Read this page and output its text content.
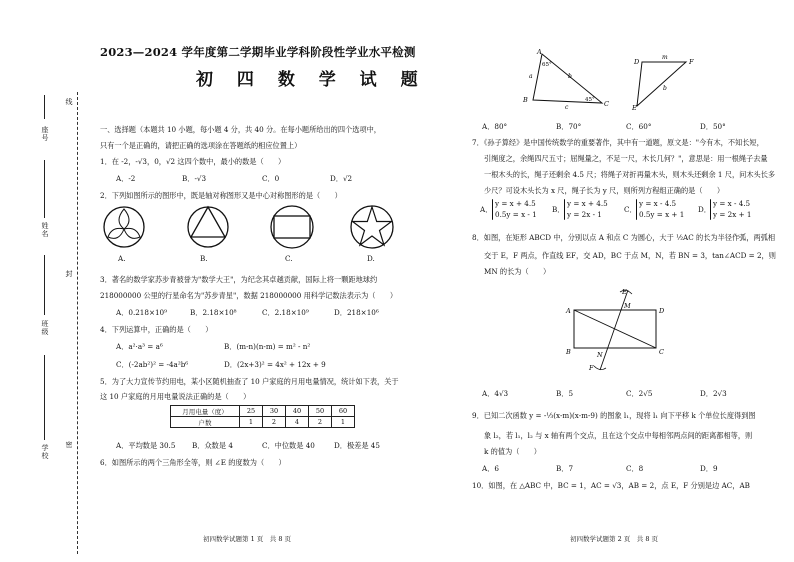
座号
姓名
班级
学校
线
封
密
2023—2024 学年度第二学期毕业学科阶段性学业水平检测
初 四 数 学 试 题
一、选择题（本题共 10 小题，每小题 4 分，共 40 分。在每小题所给出的四个选项中，
只有一个是正确的，请把正确的选项涂在答题纸的相应位置上）
1．在 -2，-√3，0，√2 这四个数中，最小的数是（　　）
A．-2	B．-√3	C．0	D．√2
2．下列如图所示的图形中，既是轴对称图形又是中心对称图形的是（　　）
A.	B.	C.	D.
3．著名的数学家苏步青被誉为"数学大王"，为纪念其卓越贡献，国际上将一颗距地球约
218000000 公里的行星命名为"苏步青星"，数据 218000000 用科学记数法表示为（　　）
A．0.218×10⁹	B．2.18×10⁸	C．2.18×10⁹	D．218×10⁶
4．下列运算中，正确的是（　　）
A．a²·a³ = a⁶	B．(m-n)(n-m) = m² - n²
C．(-2ab²)² = -4a²b⁶	D．(2x+3)² = 4x² + 12x + 9
5．为了大力宣传节约用电，某小区随机抽查了 10 户家庭的月用电量情况，统计如下表，关于
这 10 户家庭的月用电量说法正确的是（　　）
月用电量（度）	25	30	40	50	60
户数	1	2	4	2	1
A．平均数是 30.5 B．众数是 4	C．中位数是 40	D．极差是 45
6．如图所示的两个三角形全等，则 ∠E 的度数为（　　）
初四数学试题第 1 页　共 8 页
A
B	C
65°
45°
a	b
c
D	F
E
m
b
A．80°	B．70°	C．60°	D．50°
7．《孙子算经》是中国传统数学的重要著作，其中有一道题，原文是："今有木，不知长短，
引绳度之，余绳四尺五寸；屈绳量之，不足一尺，木长几何？"，意思是：用一根绳子去量
一根木头的长，绳子还剩余 4.5 尺；将绳子对折再量木头，则木头还剩余 1 尺，问木头长多
少尺？可设木头长为 x 尺，绳子长为 y 尺，则所列方程组正确的是（　　）
A．
y = x + 4.5
0.5y = x - 1
B．
y = x + 4.5
y = 2x - 1
C．
y = x - 4.5
0.5y = x + 1
D．
y = x - 4.5
y = 2x + 1
8．如图，在矩形 ABCD 中，分别以点 A 和点 C 为圆心，大于 ½AC 的长为半径作弧，两弧相
交于 E，F 两点，作直线 EF，交 AD，BC 于点 M，N，若 BN = 3，tan∠ACD = 2，则
MN 的长为（　　）
A	D
B	C
E
F
M
N
A．4√3	B．5	C．2√5	D．2√3
9．已知二次函数 y = -⅓(x-m)(x-m-9) 的图象 l₁，现将 l₁ 向下平移 k 个单位长度得到图
象 l₂，若 l₁，l₂ 与 x 轴有两个交点，且在这个交点中每相邻两点间的距离都相等，则
k 的值为（　　）
A．6	B．7	C．8	D．9
10．如图，在 △ABC 中，BC = 1，AC = √3，AB = 2，点 E，F 分别是边 AC，AB
初四数学试题第 2 页　共 8 页
